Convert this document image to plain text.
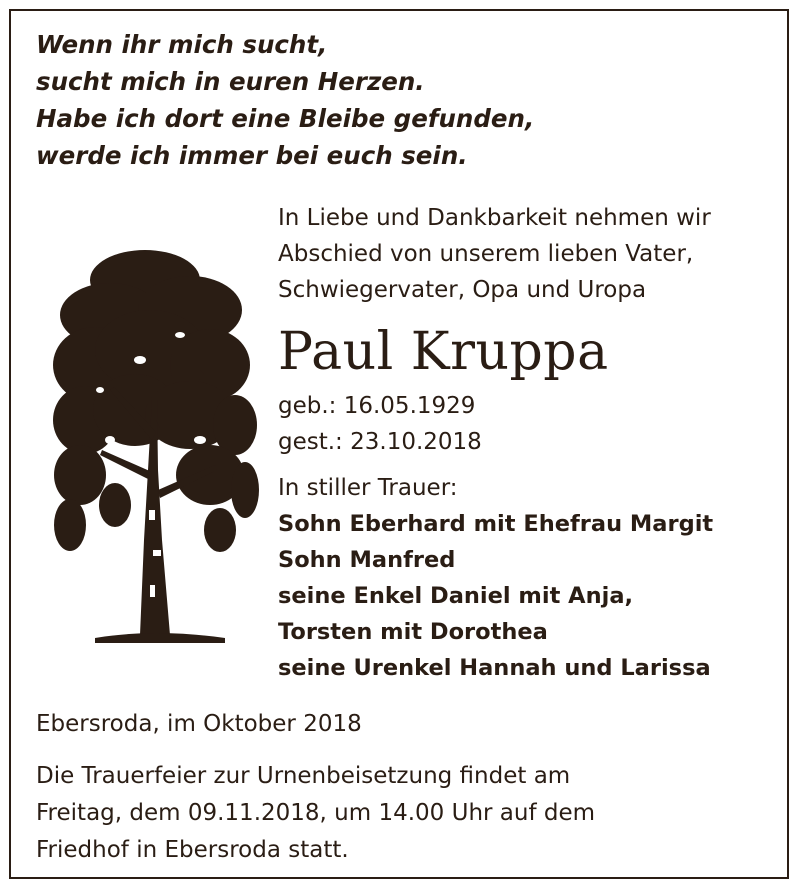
Wenn ihr mich sucht,
sucht mich in euren Herzen.
Habe ich dort eine Bleibe gefunden,
werde ich immer bei euch sein.
In Liebe und Dankbarkeit nehmen wir
Abschied von unserem lieben Vater,
Schwiegervater, Opa und Uropa
Paul Kruppa
geb.: 16.05.1929
gest.: 23.10.2018
In stiller Trauer:
Sohn Eberhard mit Ehefrau Margit
Sohn Manfred
seine Enkel Daniel mit Anja,
Torsten mit Dorothea
seine Urenkel Hannah und Larissa
Ebersroda, im Oktober 2018
Die Trauerfeier zur Urnenbeisetzung findet am
Freitag, dem 09.11.2018, um 14.00 Uhr auf dem
Friedhof in Ebersroda statt.
